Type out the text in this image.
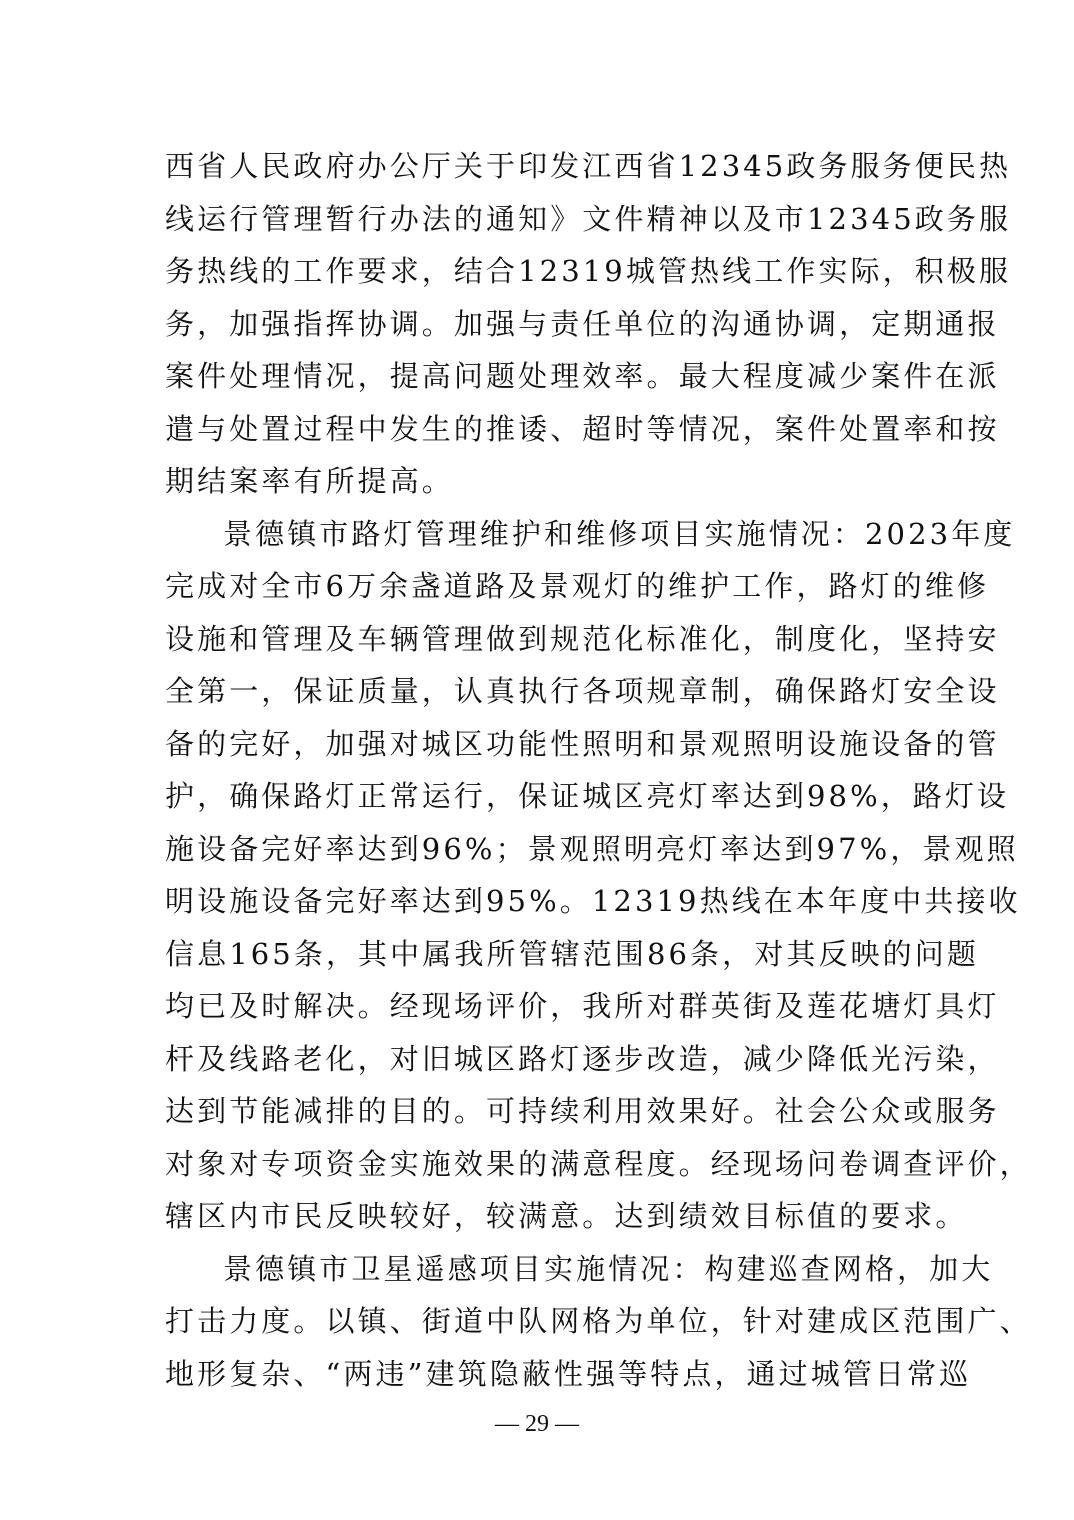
西省人民政府办公厅关于印发江西省12345政务服务便民热
线运行管理暂行办法的通知》文件精神以及市12345政务服
务热线的工作要求，结合12319城管热线工作实际，积极服
务，加强指挥协调。加强与责任单位的沟通协调，定期通报
案件处理情况，提高问题处理效率。最大程度减少案件在派
遣与处置过程中发生的推诿、超时等情况，案件处置率和按
期结案率有所提高。
景德镇市路灯管理维护和维修项目实施情况：2023年度
完成对全市6万余盏道路及景观灯的维护工作，路灯的维修
设施和管理及车辆管理做到规范化标准化，制度化，坚持安
全第一，保证质量，认真执行各项规章制，确保路灯安全设
备的完好，加强对城区功能性照明和景观照明设施设备的管
护，确保路灯正常运行，保证城区亮灯率达到98%，路灯设
施设备完好率达到96%；景观照明亮灯率达到97%，景观照
明设施设备完好率达到95%。12319热线在本年度中共接收
信息165条，其中属我所管辖范围86条，对其反映的问题
均已及时解决。经现场评价，我所对群英街及莲花塘灯具灯
杆及线路老化，对旧城区路灯逐步改造，减少降低光污染，
达到节能减排的目的。可持续利用效果好。社会公众或服务
对象对专项资金实施效果的满意程度。经现场问卷调查评价，
辖区内市民反映较好，较满意。达到绩效目标值的要求。
景德镇市卫星遥感项目实施情况：构建巡查网格，加大
打击力度。以镇、街道中队网格为单位，针对建成区范围广、
地形复杂、“两违”建筑隐蔽性强等特点，通过城管日常巡
— 29 —
